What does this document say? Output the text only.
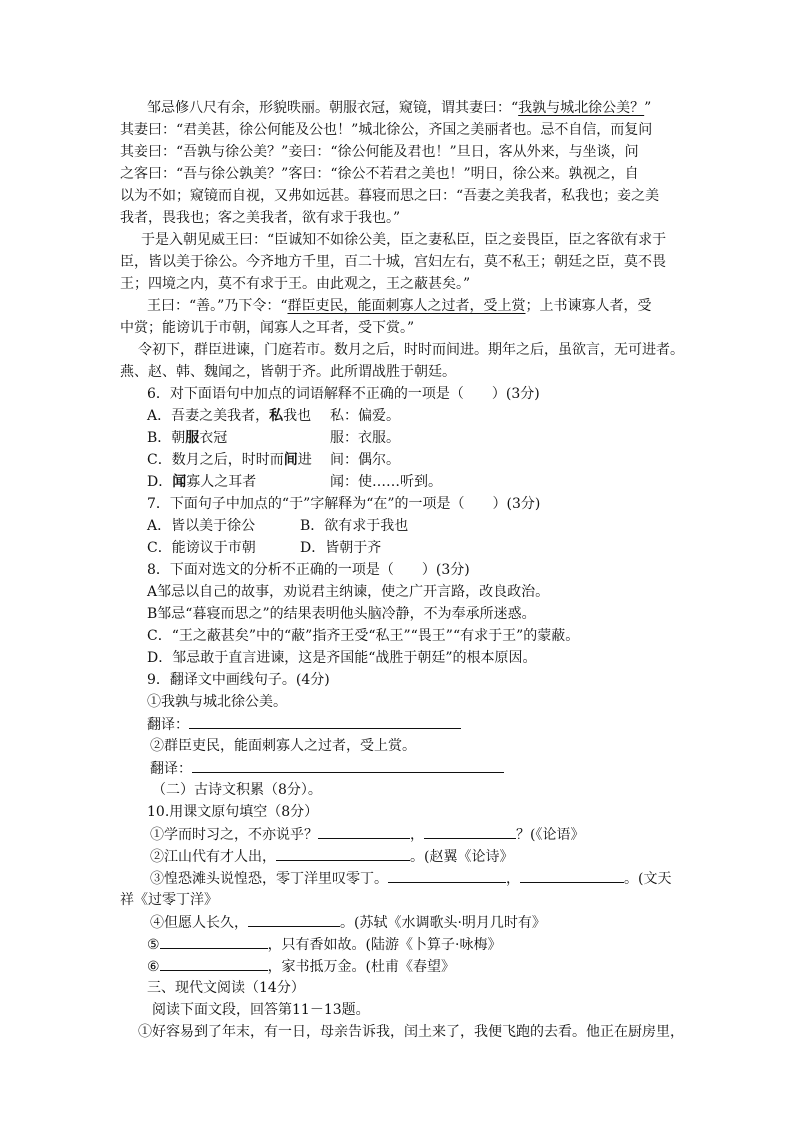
邹忌修八尺有余，形貌昳丽。朝服衣冠，窥镜，谓其妻曰：“我孰与城北徐公美？”
其妻曰：“君美甚，徐公何能及公也！”城北徐公，齐国之美丽者也。忌不自信，而复问
其妾曰：“吾孰与徐公美？”妾曰：“徐公何能及君也！”旦日，客从外来，与坐谈，问
之客曰：“吾与徐公孰美？”客曰：“徐公不若君之美也！”明日，徐公来。孰视之，自
以为不如；窥镜而自视，又弗如远甚。暮寝而思之曰：“吾妻之美我者，私我也；妾之美
我者，畏我也；客之美我者，欲有求于我也。”
于是入朝见威王曰：“臣诚知不如徐公美，臣之妻私臣，臣之妾畏臣，臣之客欲有求于
臣，皆以美于徐公。今齐地方千里，百二十城，宫妇左右，莫不私王；朝廷之臣，莫不畏
王；四境之内，莫不有求于王。由此观之，王之蔽甚矣。”
王曰：“善。”乃下令：“群臣吏民，能面刺寡人之过者，受上赏；上书谏寡人者，受
中赏；能谤讥于市朝，闻寡人之耳者，受下赏。”
令初下，群臣进谏，门庭若市。数月之后，时时而间进。期年之后，虽欲言，无可进者。
燕、赵、韩、魏闻之，皆朝于齐。此所谓战胜于朝廷。
6．对下面语句中加点的词语解释不正确的一项是（　　）(3分)
A．吾妻之美我者，私我也 私：偏爱。
B．朝服衣冠	服：衣服。
C．数月之后，时时而间进 间：偶尔。
D．闻寡人之耳者	闻：使……听到。
7．下面句子中加点的“于”字解释为“在”的一项是（　　）(3分)
A．皆以美于徐公	B．欲有求于我也
C．能谤议于市朝	D．皆朝于齐
8．下面对选文的分析不正确的一项是（　　）(3分)
A邹忌以自己的故事，劝说君主纳谏，使之广开言路，改良政治。
B邹忌“暮寝而思之”的结果表明他头脑冷静，不为奉承所迷惑。
C．“王之蔽甚矣”中的“蔽”指齐王受“私王”“畏王”“有求于王”的蒙蔽。
D．邹忌敢于直言进谏，这是齐国能“战胜于朝廷”的根本原因。
9．翻译文中画线句子。(4分)
①我孰与城北徐公美。
翻译：
②群臣吏民，能面刺寡人之过者，受上赏。
翻译：
（二）古诗文积累（8分）。
10.用课文原句填空（8分）
①学而时习之，不亦说乎？	，	？(《论语》
②江山代有才人出，	。(赵翼《论诗》
③惶恐滩头说惶恐，零丁洋里叹零丁。	，	。(文天
祥《过零丁洋》
④但愿人长久，	。(苏轼《水调歌头·明月几时有》
⑤	，只有香如故。(陆游《卜算子·咏梅》
⑥	，家书抵万金。(杜甫《春望》
三、现代文阅读（14分）
阅读下面文段，回答第11－13题。
①好容易到了年末，有一日，母亲告诉我，闰土来了，我便飞跑的去看。他正在厨房里，
